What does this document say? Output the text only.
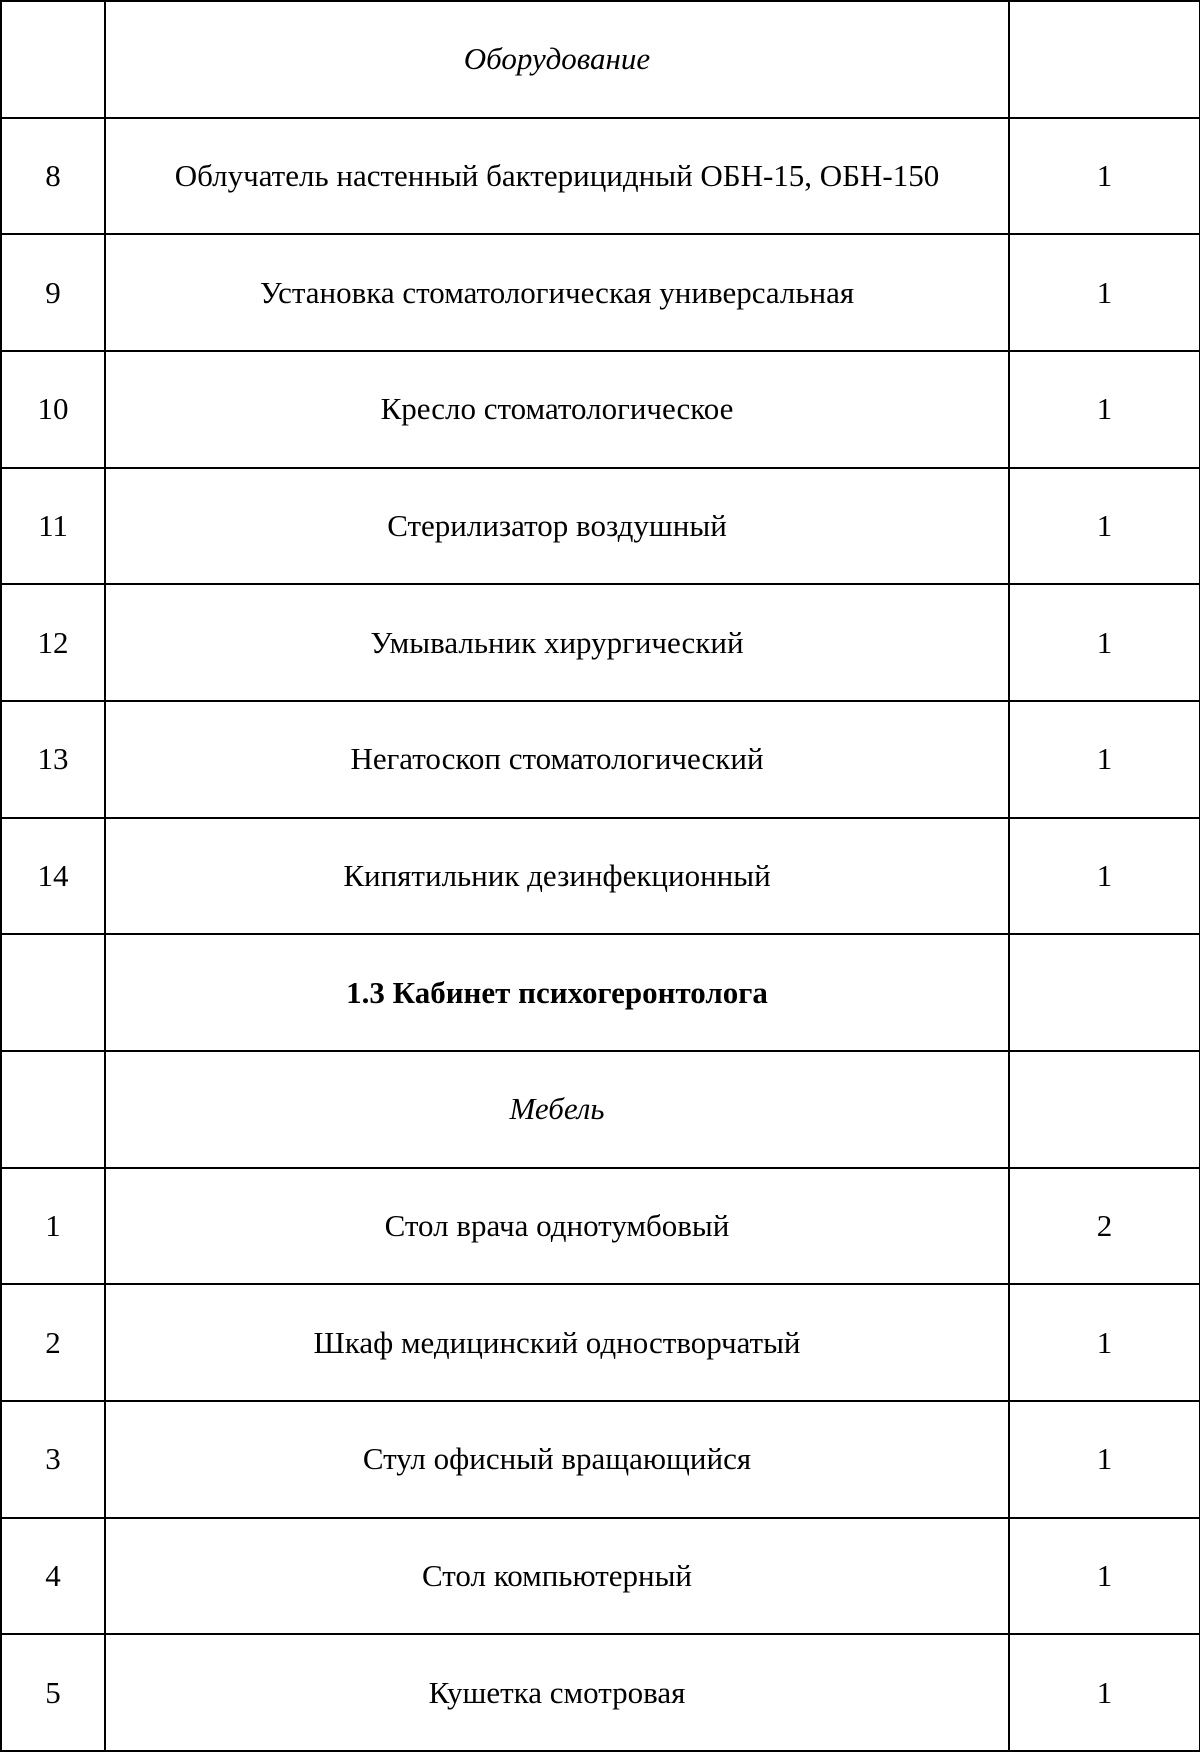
	Оборудование	
8	Облучатель настенный бактерицидный ОБН-15, ОБН-150	1
9	Установка стоматологическая универсальная	1
10	Кресло стоматологическое	1
11	Стерилизатор воздушный	1
12	Умывальник хирургический	1
13	Негатоскоп стоматологический	1
14	Кипятильник дезинфекционный	1
	1.3 Кабинет психогеронтолога	
	Мебель	
1	Стол врача однотумбовый	2
2	Шкаф медицинский одностворчатый	1
3	Стул офисный вращающийся	1
4	Стол компьютерный	1
5	Кушетка смотровая	1
